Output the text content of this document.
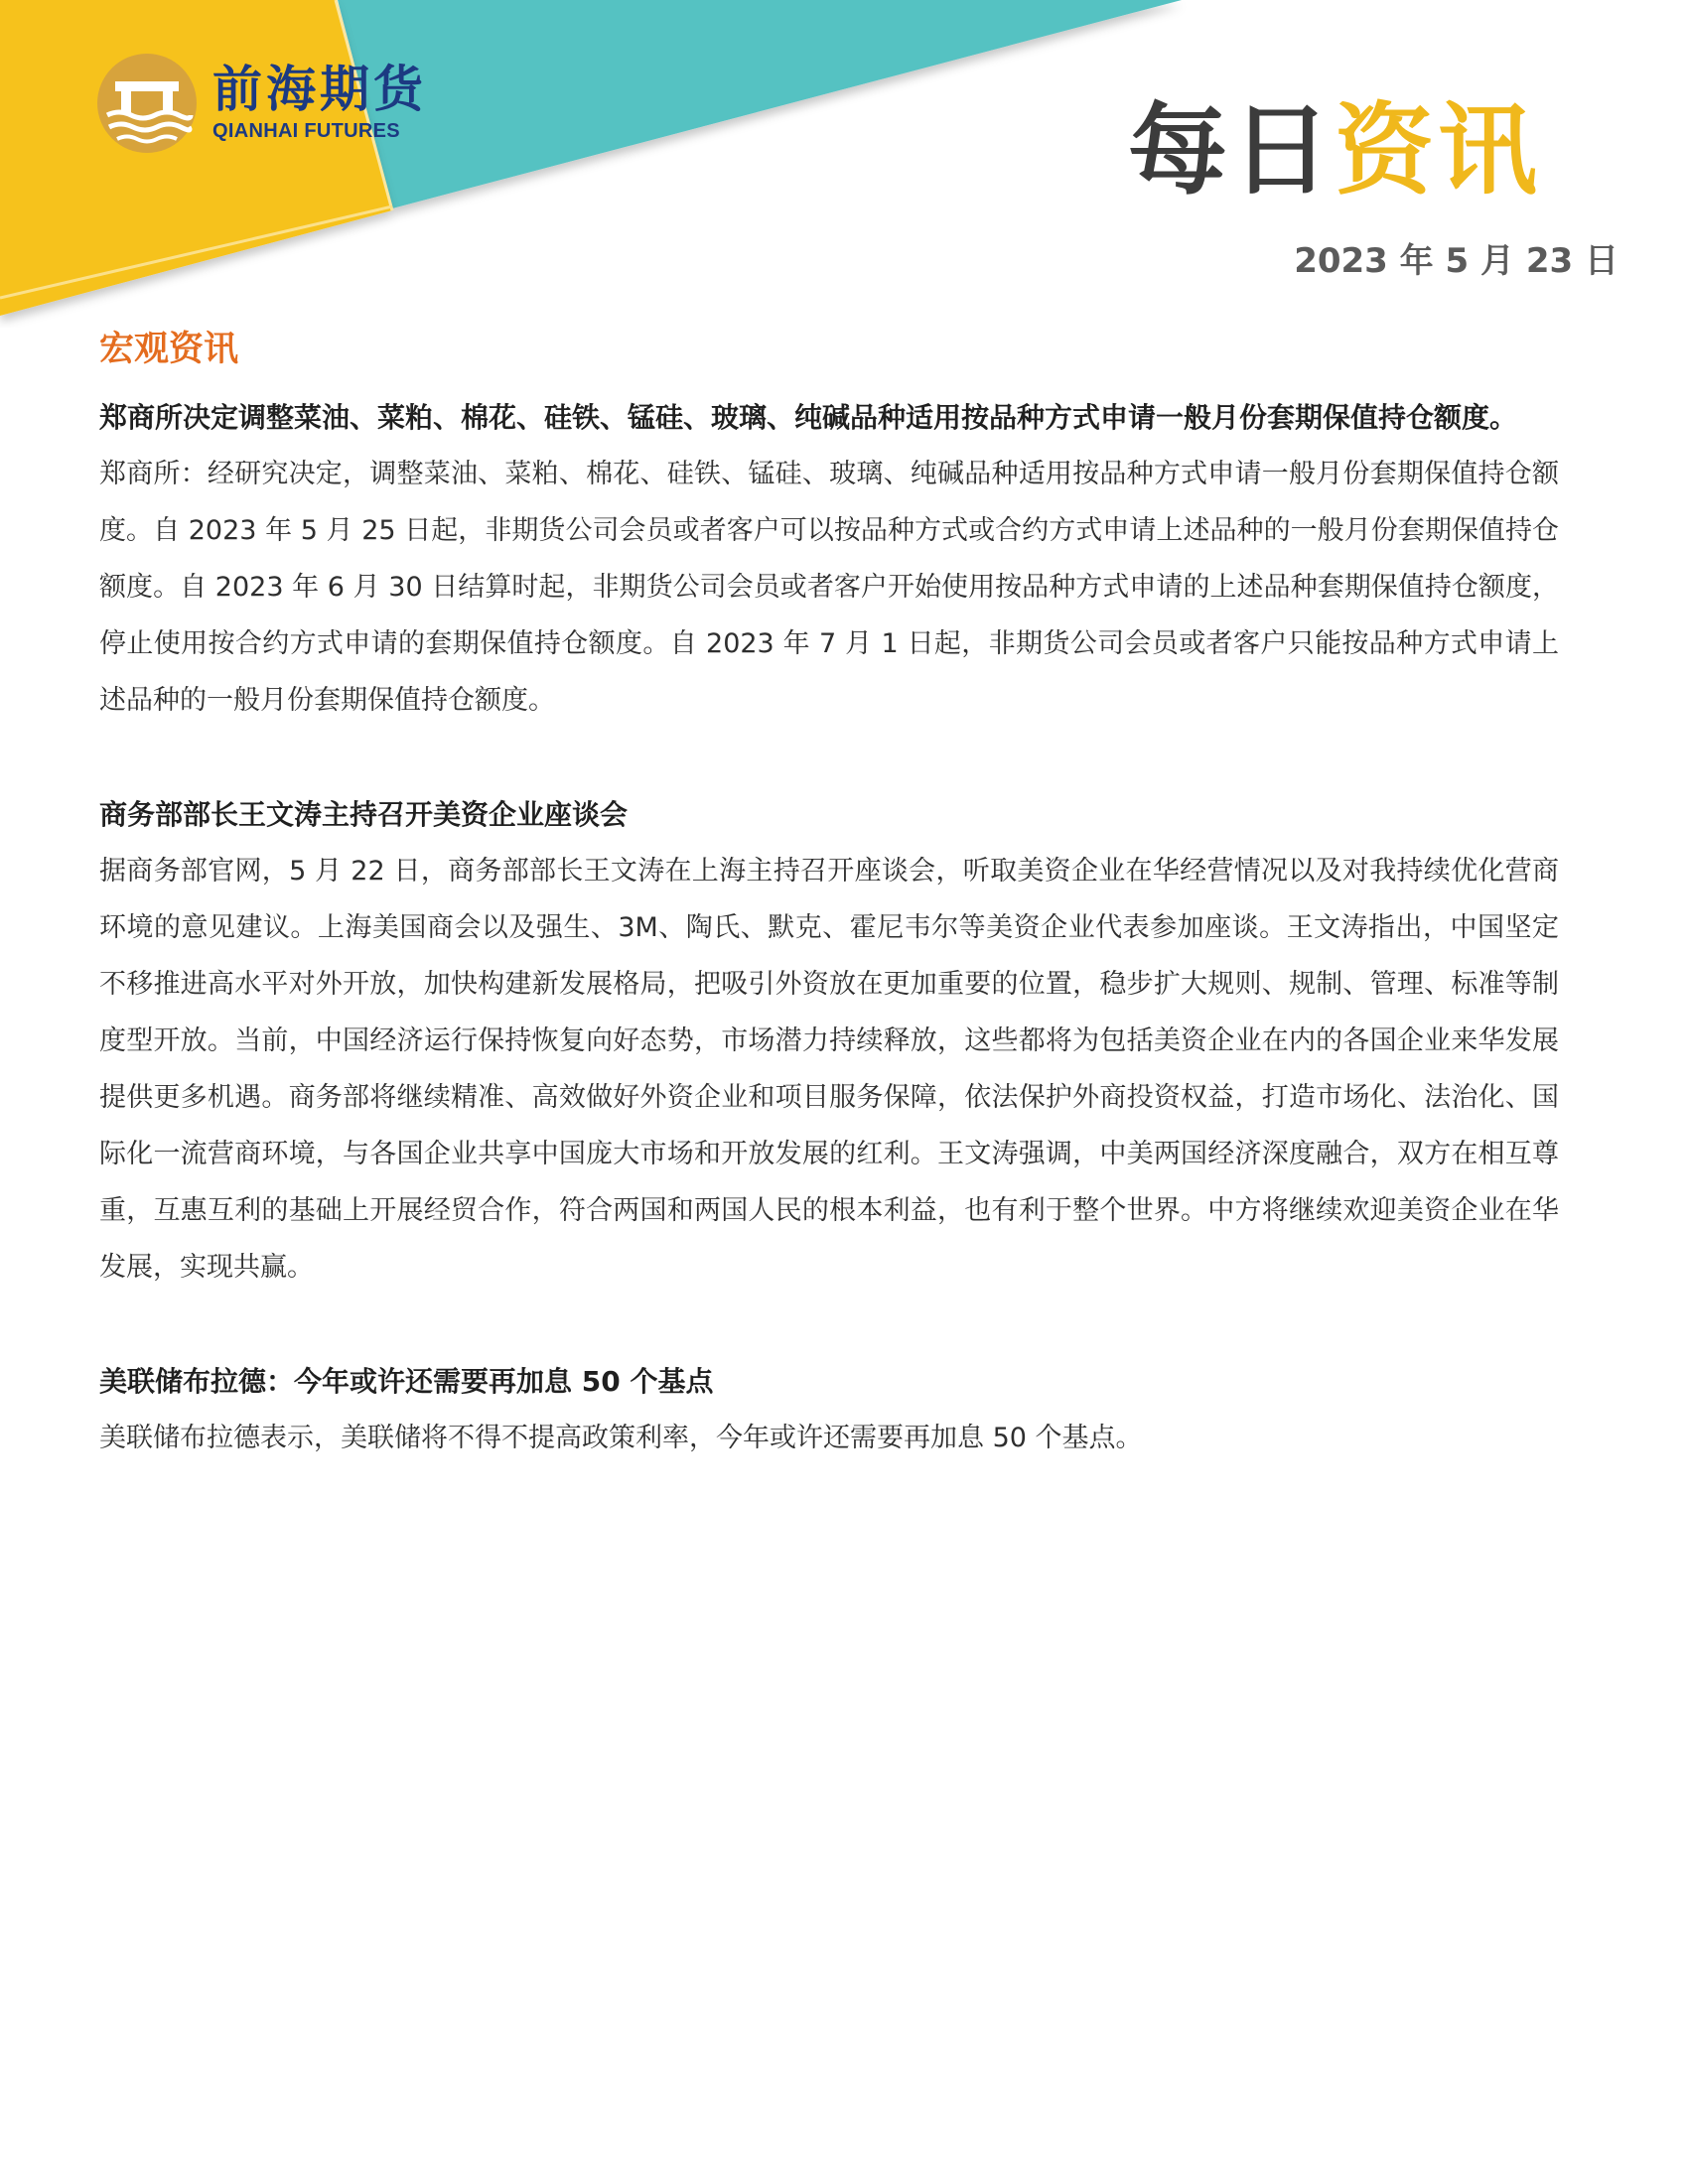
前海期货
QIANHAI FUTURES	每日资讯
2023 年 5 月 23 日
宏观资讯

郑商所决定调整菜油、菜粕、棉花、硅铁、锰硅、玻璃、纯碱品种适用按品种方式申请一般月份套期保值持仓额度。

郑商所：经研究决定，调整菜油、菜粕、棉花、硅铁、锰硅、玻璃、纯碱品种适用按品种方式申请一般月份套期保值持仓额度。自 2023 年 5 月 25 日起，非期货公司会员或者客户可以按品种方式或合约方式申请上述品种的一般月份套期保值持仓额度。自 2023 年 6 月 30 日结算时起，非期货公司会员或者客户开始使用按品种方式申请的上述品种套期保值持仓额度，停止使用按合约方式申请的套期保值持仓额度。自 2023 年 7 月 1 日起，非期货公司会员或者客户只能按品种方式申请上述品种的一般月份套期保值持仓额度。

商务部部长王文涛主持召开美资企业座谈会

据商务部官网，5 月 22 日，商务部部长王文涛在上海主持召开座谈会，听取美资企业在华经营情况以及对我持续优化营商环境的意见建议。上海美国商会以及强生、3M、陶氏、默克、霍尼韦尔等美资企业代表参加座谈。王文涛指出，中国坚定不移推进高水平对外开放，加快构建新发展格局，把吸引外资放在更加重要的位置，稳步扩大规则、规制、管理、标准等制度型开放。当前，中国经济运行保持恢复向好态势，市场潜力持续释放，这些都将为包括美资企业在内的各国企业来华发展提供更多机遇。商务部将继续精准、高效做好外资企业和项目服务保障，依法保护外商投资权益，打造市场化、法治化、国际化一流营商环境，与各国企业共享中国庞大市场和开放发展的红利。王文涛强调，中美两国经济深度融合，双方在相互尊重，互惠互利的基础上开展经贸合作，符合两国和两国人民的根本利益，也有利于整个世界。中方将继续欢迎美资企业在华发展，实现共赢。

美联储布拉德：今年或许还需要再加息 50 个基点

美联储布拉德表示，美联储将不得不提高政策利率，今年或许还需要再加息 50 个基点。
